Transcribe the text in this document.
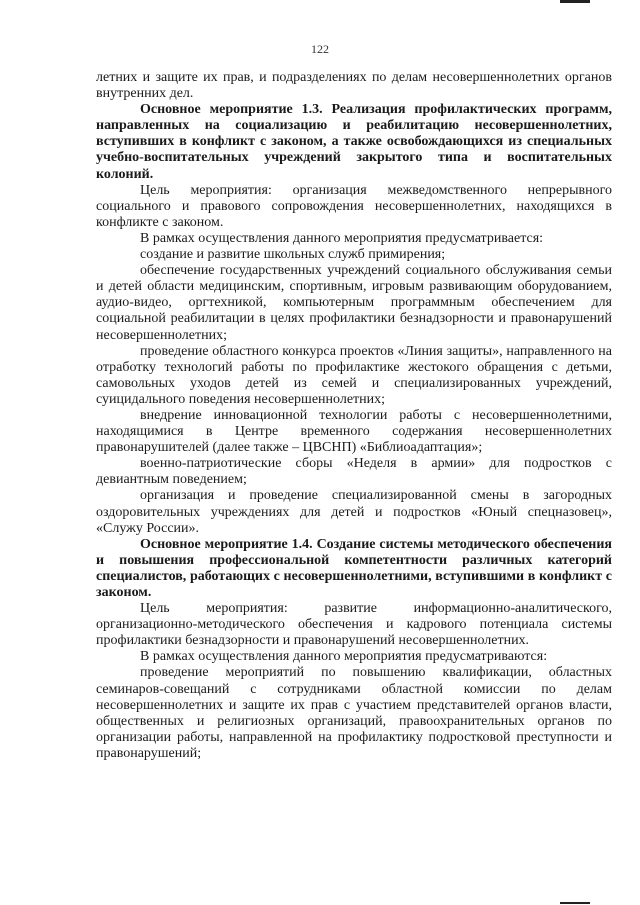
122

летних и защите их прав, и подразделениях по делам несовершеннолетних органов внутренних дел.

Основное мероприятие 1.3. Реализация профилактических программ, направленных на социализацию и реабилитацию несовершеннолетних, вступивших в конфликт с законом, а также освобождающихся из специальных учебно-воспитательных учреждений закрытого типа и воспитательных колоний.

Цель мероприятия: организация межведомственного непрерывного социального и правового сопровождения несовершеннолетних, находящихся в конфликте с законом.

В рамках осуществления данного мероприятия предусматривается:

создание и развитие школьных служб примирения;

обеспечение государственных учреждений социального обслуживания семьи и детей области медицинским, спортивным, игровым развивающим оборудованием, аудио-видео, оргтехникой, компьютерным программным обеспечением для социальной реабилитации в целях профилактики безнадзорности и правонарушений несовершеннолетних;

проведение областного конкурса проектов «Линия защиты», направленного на отработку технологий работы по профилактике жестокого обращения с детьми, самовольных уходов детей из семей и специализированных учреждений, суицидального поведения несовершеннолетних;

внедрение инновационной технологии работы с несовершеннолетними, находящимися в Центре временного содержания несовершеннолетних правонарушителей (далее также – ЦВСНП) «Библиоадаптация»;

военно-патриотические сборы «Неделя в армии» для подростков с девиантным поведением;

организация и проведение специализированной смены в загородных оздоровительных учреждениях для детей и подростков «Юный спецназовец», «Служу России».

Основное мероприятие 1.4. Создание системы методического обеспечения и повышения профессиональной компетентности различных категорий специалистов, работающих с несовершеннолетними, вступившими в конфликт с законом.

Цель мероприятия: развитие информационно-аналитического, организационно-методического обеспечения и кадрового потенциала системы профилактики безнадзорности и правонарушений несовершеннолетних.

В рамках осуществления данного мероприятия предусматриваются:

проведение мероприятий по повышению квалификации, областных семинаров-совещаний с сотрудниками областной комиссии по делам несовершеннолетних и защите их прав с участием представителей органов власти, общественных и религиозных организаций, правоохранительных органов по организации работы, направленной на профилактику подростковой преступности и правонарушений;
